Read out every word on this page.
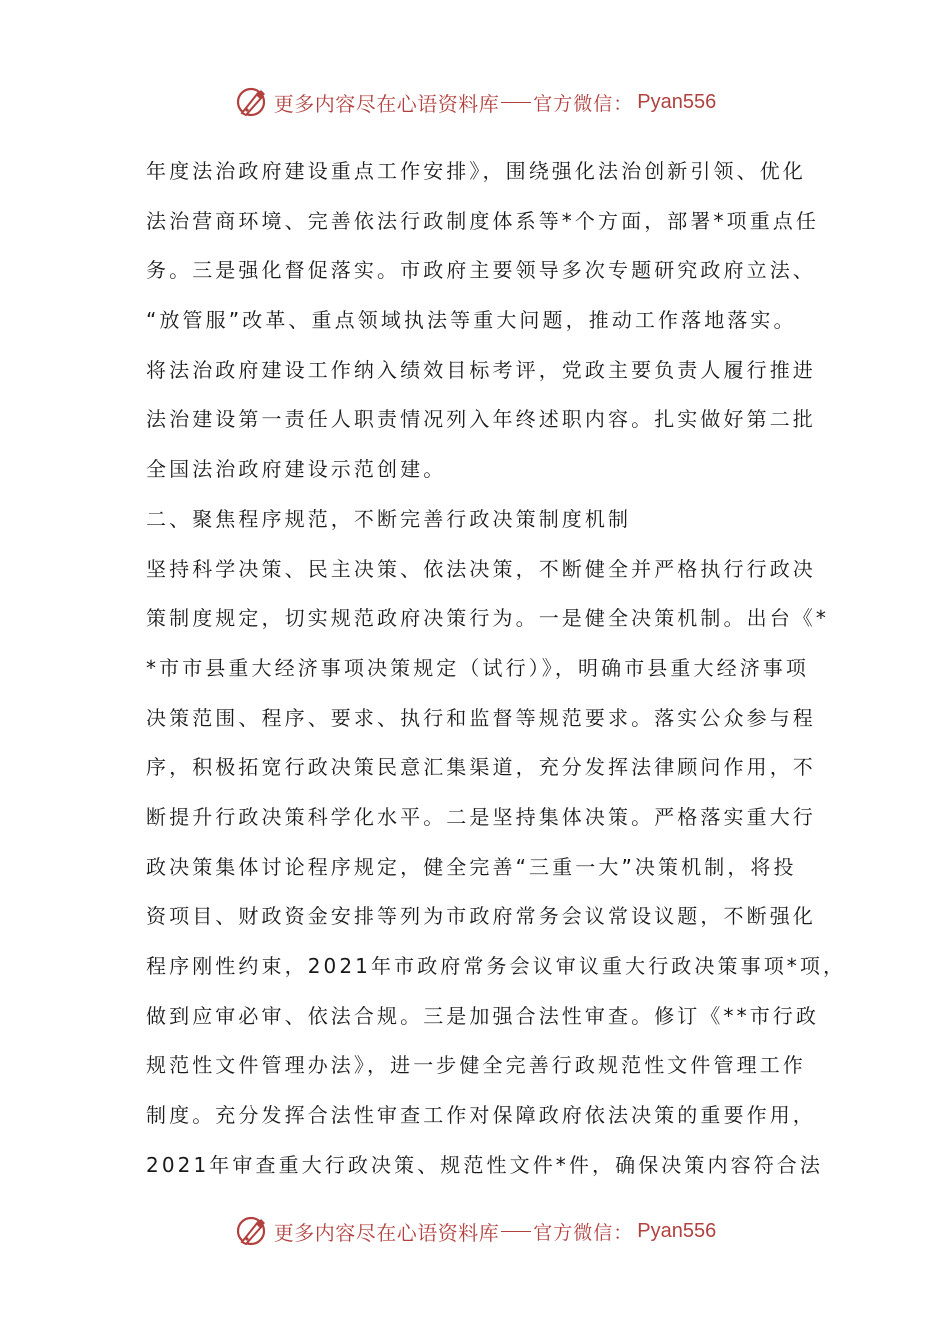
更多内容尽在心语资料库 官方微信： Pyan556
年度法治政府建设重点工作安排》，围绕强化法治创新引领、优化
法治营商环境、完善依法行政制度体系等*个方面，部署*项重点任
务。三是强化督促落实。市政府主要领导多次专题研究政府立法、
“放管服”改革、重点领域执法等重大问题，推动工作落地落实。
将法治政府建设工作纳入绩效目标考评，党政主要负责人履行推进
法治建设第一责任人职责情况列入年终述职内容。扎实做好第二批
全国法治政府建设示范创建。
二、聚焦程序规范，不断完善行政决策制度机制
坚持科学决策、民主决策、依法决策，不断健全并严格执行行政决
策制度规定，切实规范政府决策行为。一是健全决策机制。出台《*
*市市县重大经济事项决策规定（试行）》，明确市县重大经济事项
决策范围、程序、要求、执行和监督等规范要求。落实公众参与程
序，积极拓宽行政决策民意汇集渠道，充分发挥法律顾问作用，不
断提升行政决策科学化水平。二是坚持集体决策。严格落实重大行
政决策集体讨论程序规定，健全完善“三重一大”决策机制，将投
资项目、财政资金安排等列为市政府常务会议常设议题，不断强化
程序刚性约束，2021年市政府常务会议审议重大行政决策事项*项，
做到应审必审、依法合规。三是加强合法性审查。修订《**市行政
规范性文件管理办法》，进一步健全完善行政规范性文件管理工作
制度。充分发挥合法性审查工作对保障政府依法决策的重要作用，
2021年审查重大行政决策、规范性文件*件，确保决策内容符合法
更多内容尽在心语资料库 官方微信： Pyan556
